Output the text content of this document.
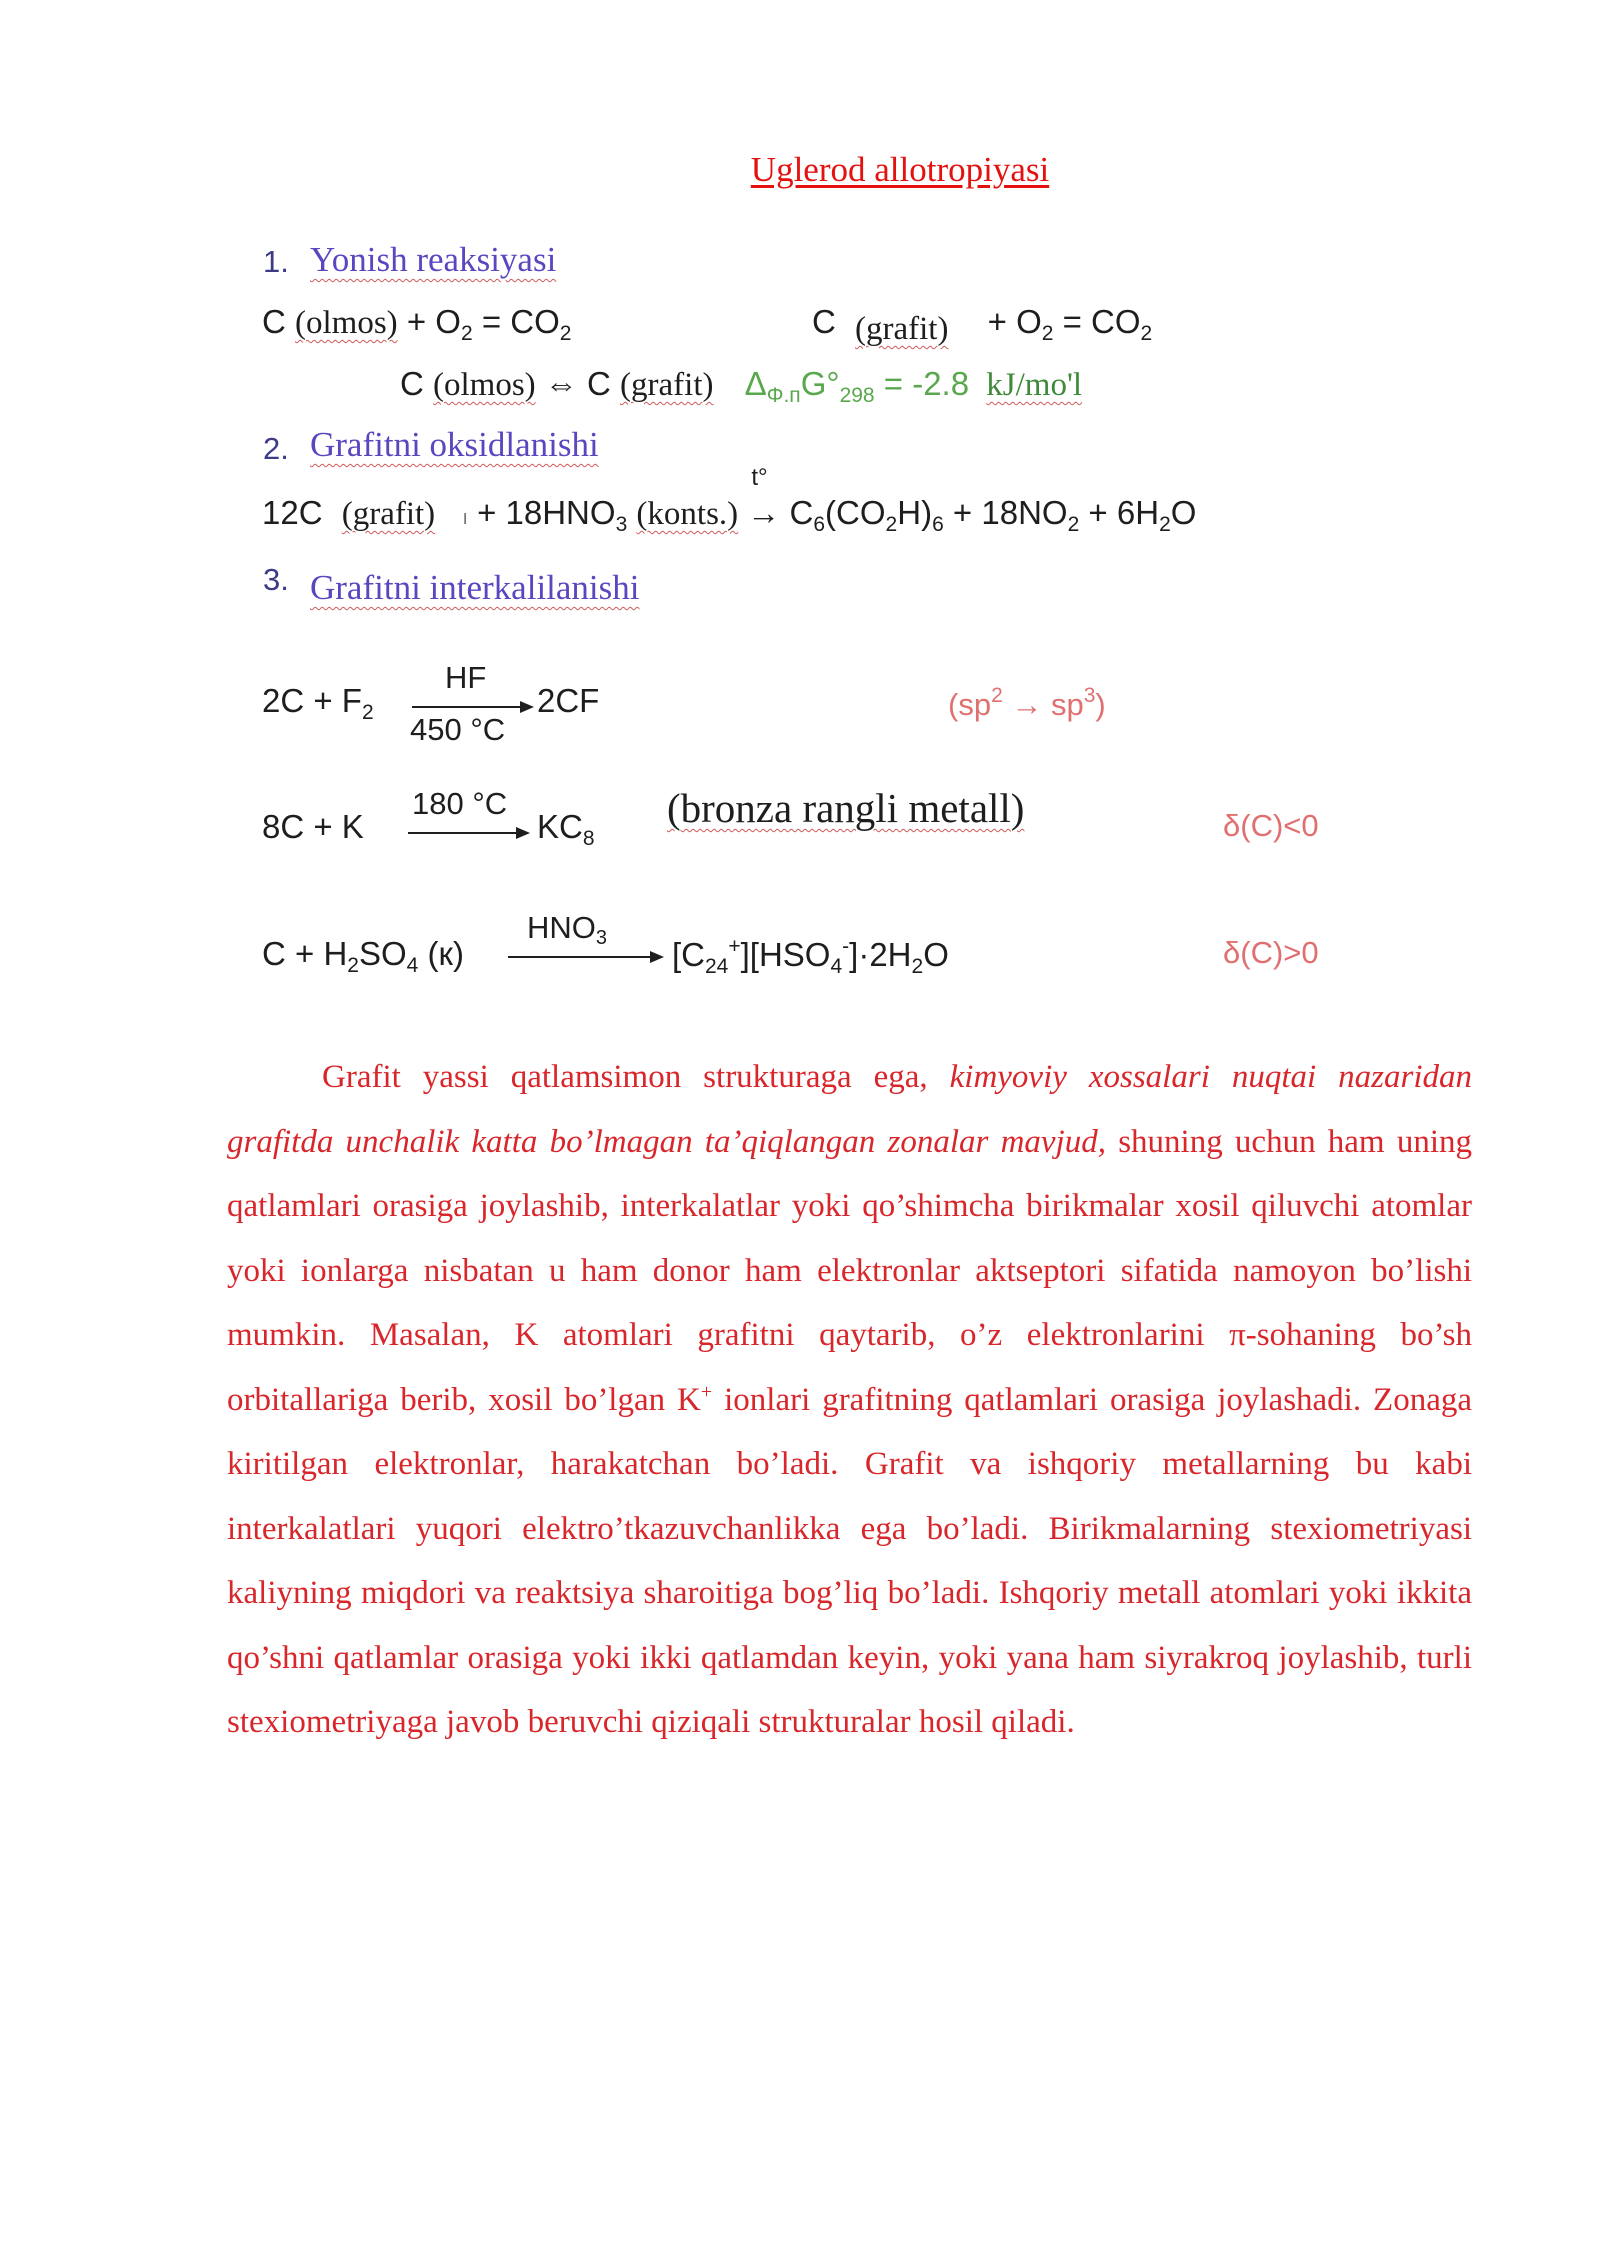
Uglerod allotropiyasi
1. Yonish reaksiyasi
C (olmos) + $O_2 = CO_2$	C (grafit) + $O_2 = CO_2$
C (olmos) ⇔ C (grafit) $\Delta_{\Phi.п}G^\circ_{298} = -2.8$ kJ/mo'l
2. Grafitni oksidlanishi
12C (grafit) ı + $18HNO_3$ (konts.)
t°
→ $C_6(CO_2H)_6 + 18NO_2 + 6H_2O$
3. Grafitni interkalilanishi
$2C + F_2$
HF
450 °C
2CF	$(sp^2 \to sp^3)$
8C + K
180 °C
$KC_8$
(bronza rangli metall)	δ(C)<0
$C + H_2SO_4$ (к)
$HNO_3$ $[C_{24}^+][HSO_4^-]\cdot 2H_2O$	δ(C)>0

Grafit yassi qatlamsimon strukturaga ega, kimyoviy xossalari nuqtai nazaridan grafitda unchalik katta bo’lmagan ta’qiqlangan zonalar mavjud, shuning uchun ham uning qatlamlari orasiga joylashib, interkalatlar yoki qo’shimcha birikmalar xosil qiluvchi atomlar yoki ionlarga nisbatan u ham donor ham elektronlar aktseptori sifatida namoyon bo’lishi mumkin. Masalan, K atomlari grafitni qaytarib, o’z elektronlarini π-sohaning bo’sh orbitallariga berib, xosil bo’lgan K+ ionlari grafitning qatlamlari orasiga joylashadi. Zonaga kiritilgan elektronlar, harakatchan bo’ladi. Grafit va ishqoriy metallarning bu kabi interkalatlari yuqori elektro’tkazuvchanlikka ega bo’ladi. Birikmalarning stexiometriyasi kaliyning miqdori va reaktsiya sharoitiga bog’liq bo’ladi. Ishqoriy metall atomlari yoki ikkita qo’shni qatlamlar orasiga yoki ikki qatlamdan keyin, yoki yana ham siyrakroq joylashib, turli stexiometriyaga javob beruvchi qiziqali strukturalar hosil qiladi.
